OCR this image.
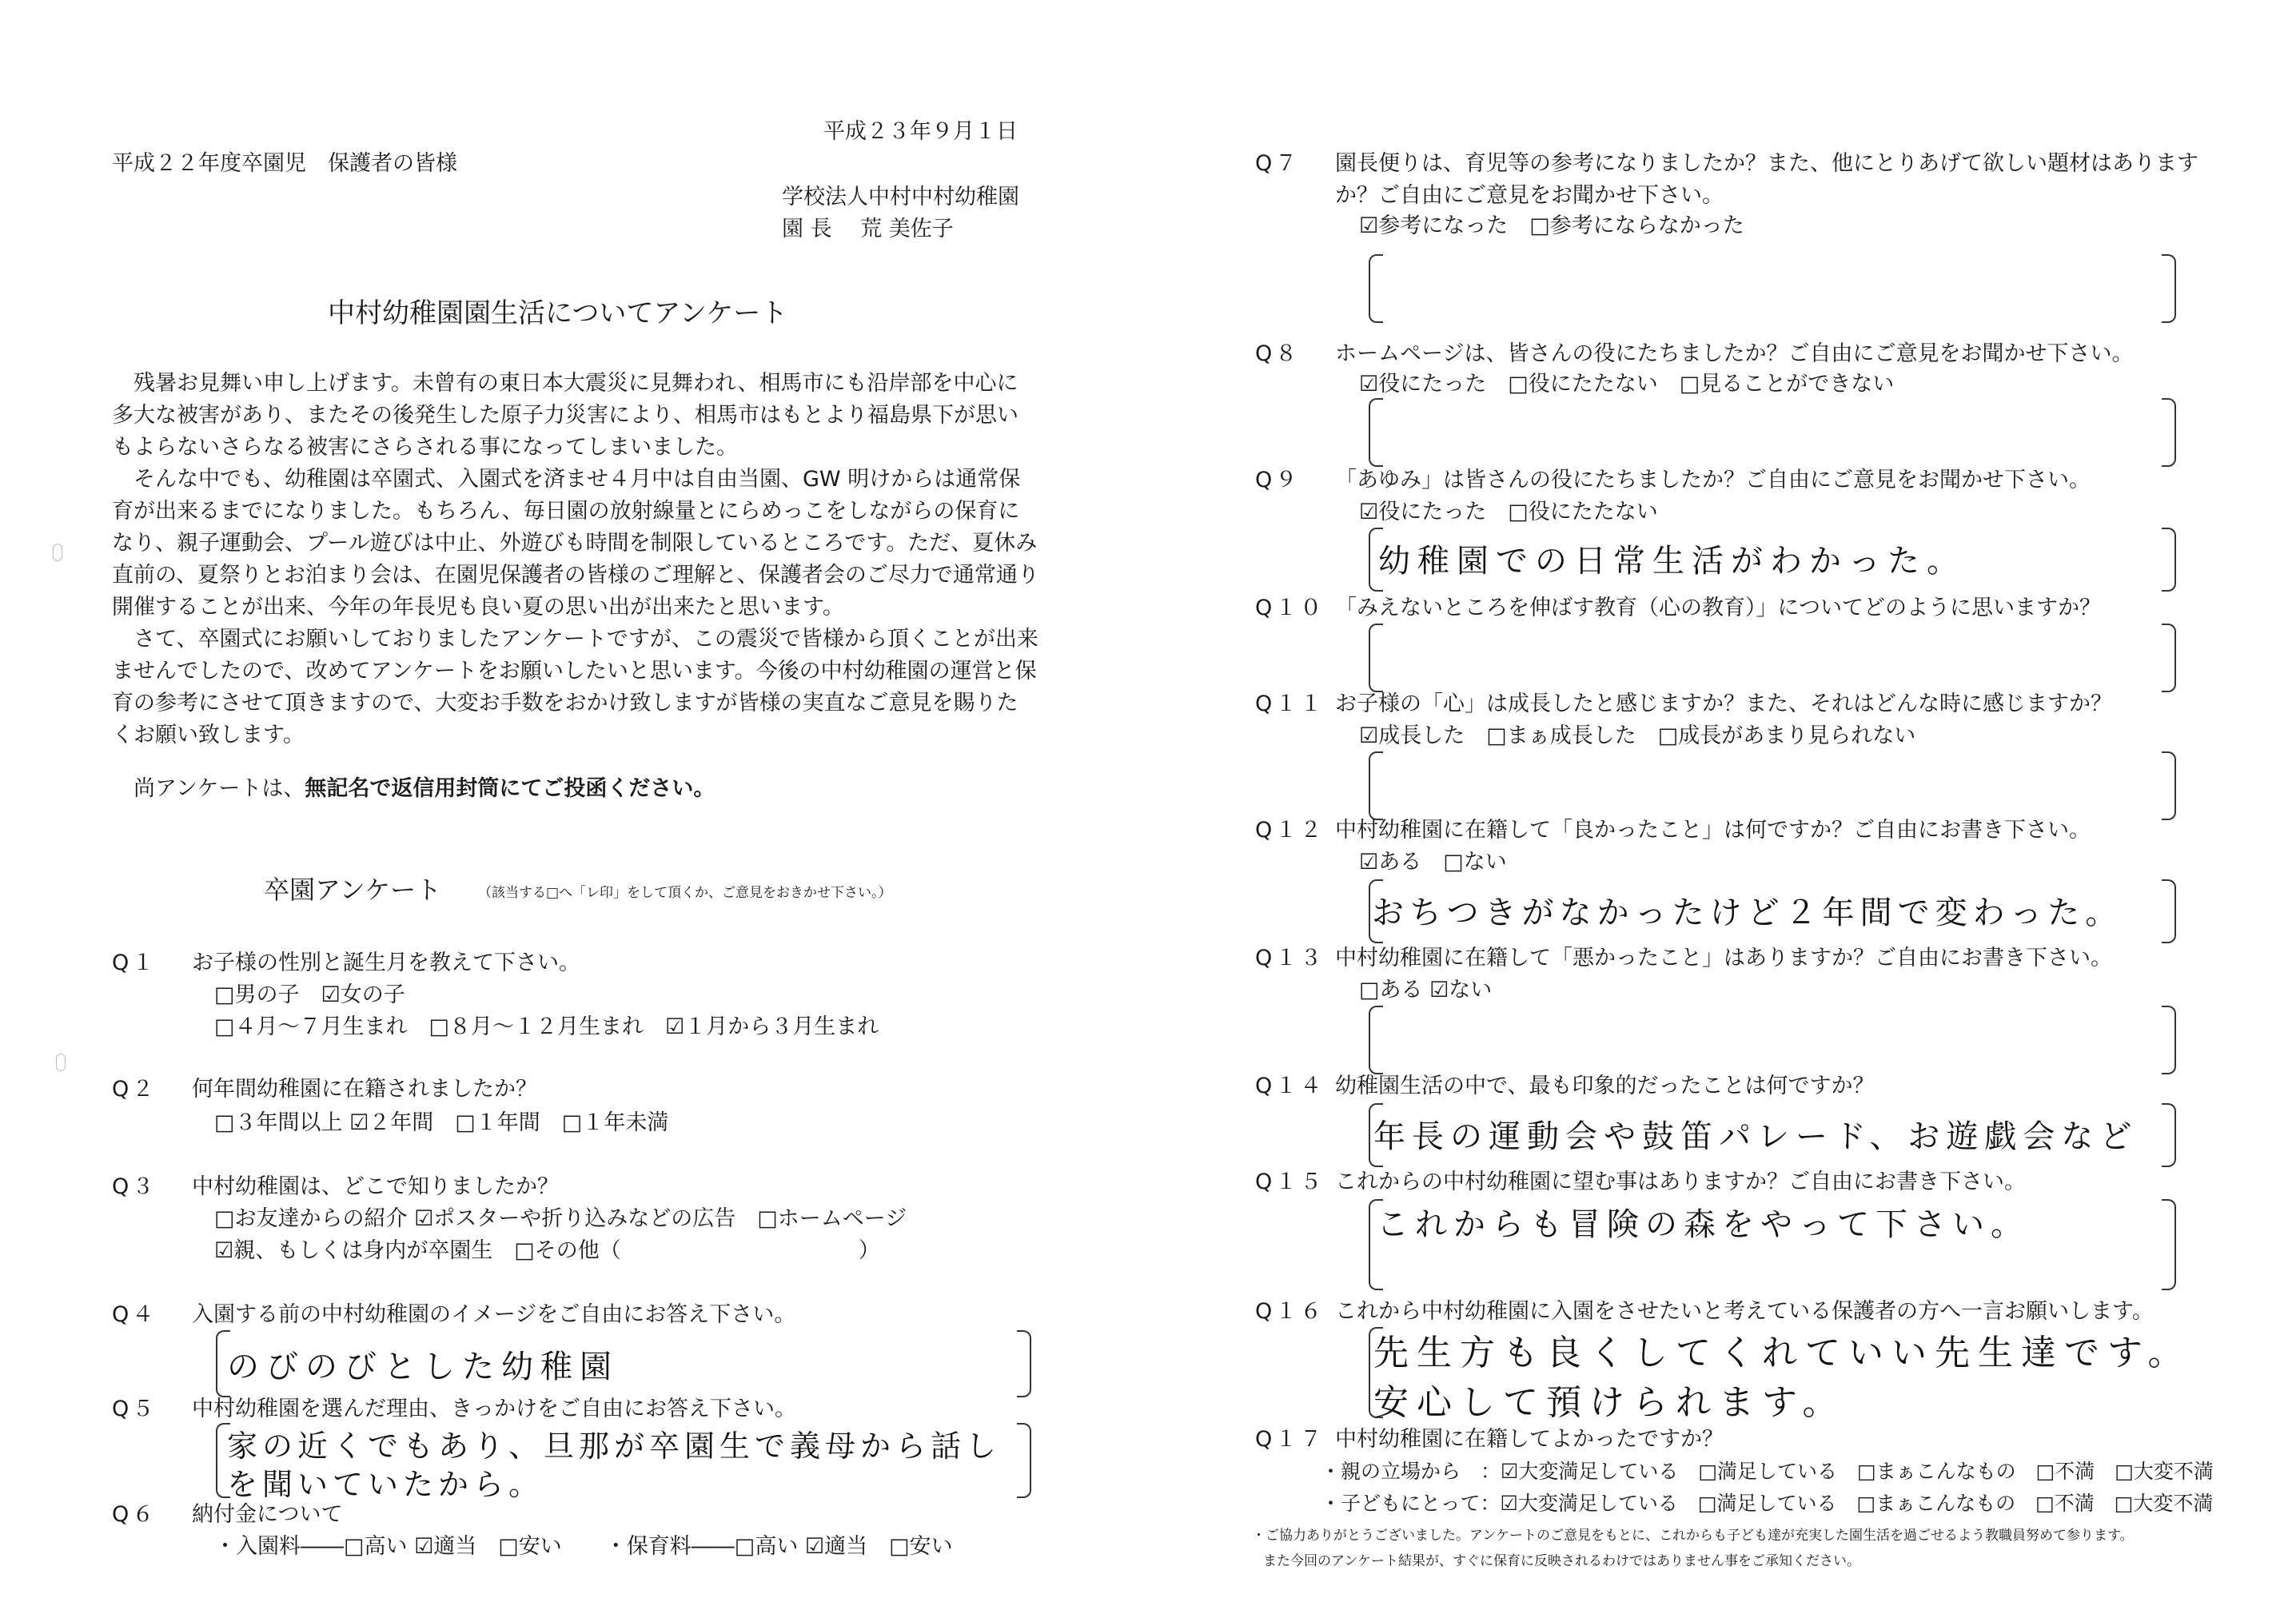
平成２３年９月１日
平成２２年度卒園児　保護者の皆様
学校法人中村中村幼稚園
園 長　 荒 美佐子
中村幼稚園園生活についてアンケート

残暑お見舞い申し上げます。未曾有の東日本大震災に見舞われ、相馬市にも沿岸部を中心に多大な被害があり、またその後発生した原子力災害により、相馬市はもとより福島県下が思いもよらないさらなる被害にさらされる事になってしまいました。

そんな中でも、幼稚園は卒園式、入園式を済ませ４月中は自由当園、GW 明けからは通常保育が出来るまでになりました。もちろん、毎日園の放射線量とにらめっこをしながらの保育になり、親子運動会、プール遊びは中止、外遊びも時間を制限しているところです。ただ、夏休み直前の、夏祭りとお泊まり会は、在園児保護者の皆様のご理解と、保護者会のご尽力で通常通り開催することが出来、今年の年長児も良い夏の思い出が出来たと思います。

さて、卒園式にお願いしておりましたアンケートですが、この震災で皆様から頂くことが出来ませんでしたので、改めてアンケートをお願いしたいと思います。今後の中村幼稚園の運営と保育の参考にさせて頂きますので、大変お手数をおかけ致しますが皆様の実直なご意見を賜りたくお願い致します。

尚アンケートは、無記名で返信用封筒にてご投函ください。
卒園アンケート	（該当する□へ「レ印」をして頂くか、ご意見をおきかせ下さい。）
Q１ お子様の性別と誕生月を教えて下さい。
□男の子　☑女の子
□４月〜７月生まれ　□８月〜１２月生まれ　☑１月から３月生まれ
Q２ 何年間幼稚園に在籍されましたか？
□３年間以上 ☑２年間　□１年間　□１年未満
Q３ 中村幼稚園は、どこで知りましたか？
□お友達からの紹介 ☑ポスターや折り込みなどの広告　□ホームページ
☑親、もしくは身内が卒園生　□その他（　　　　　　　　　　　）
Q４ 入園する前の中村幼稚園のイメージをご自由にお答え下さい。
のびのびとした幼稚園
Q５ 中村幼稚園を選んだ理由、きっかけをご自由にお答え下さい。
家の近くでもあり、旦那が卒園生で義母から話し
を聞いていたから。
Q６ 納付金について
・入園料――□高い ☑適当　□安い　　・保育料――□高い ☑適当　□安い
Q７ 園長便りは、育児等の参考になりましたか？また、他にとりあげて欲しい題材はあります
か？ご自由にご意見をお聞かせ下さい。
☑参考になった　□参考にならなかった
Q８ ホームページは、皆さんの役にたちましたか？ご自由にご意見をお聞かせ下さい。
☑役にたった　□役にたたない　□見ることができない
Q９ 「あゆみ」は皆さんの役にたちましたか？ご自由にご意見をお聞かせ下さい。
☑役にたった　□役にたたない
幼稚園での日常生活がわかった。
Q１０ 「みえないところを伸ばす教育（心の教育）」についてどのように思いますか？
Q１１ お子様の「心」は成長したと感じますか？また、それはどんな時に感じますか？
☑成長した　□まぁ成長した　□成長があまり見られない
Q１２ 中村幼稚園に在籍して「良かったこと」は何ですか？ご自由にお書き下さい。
☑ある　□ない
おちつきがなかったけど２年間で変わった。
Q１３ 中村幼稚園に在籍して「悪かったこと」はありますか？ご自由にお書き下さい。
□ある ☑ない
Q１４ 幼稚園生活の中で、最も印象的だったことは何ですか？
年長の運動会や鼓笛パレード、お遊戯会など
Q１５ これからの中村幼稚園に望む事はありますか？ご自由にお書き下さい。
これからも冒険の森をやって下さい。
Q１６ これから中村幼稚園に入園をさせたいと考えている保護者の方へ一言お願いします。
先生方も良くしてくれていい先生達です。
安心して預けられます。
Q１７ 中村幼稚園に在籍してよかったですか？
・親の立場から　：☑大変満足している　□満足している　□まぁこんなもの　□不満　□大変不満
・子どもにとって：☑大変満足している　□満足している　□まぁこんなもの　□不満　□大変不満
・ご協力ありがとうございました。アンケートのご意見をもとに、これからも子ども達が充実した園生活を過ごせるよう教職員努めて参ります。
また今回のアンケート結果が、すぐに保育に反映されるわけではありません事をご承知ください。
